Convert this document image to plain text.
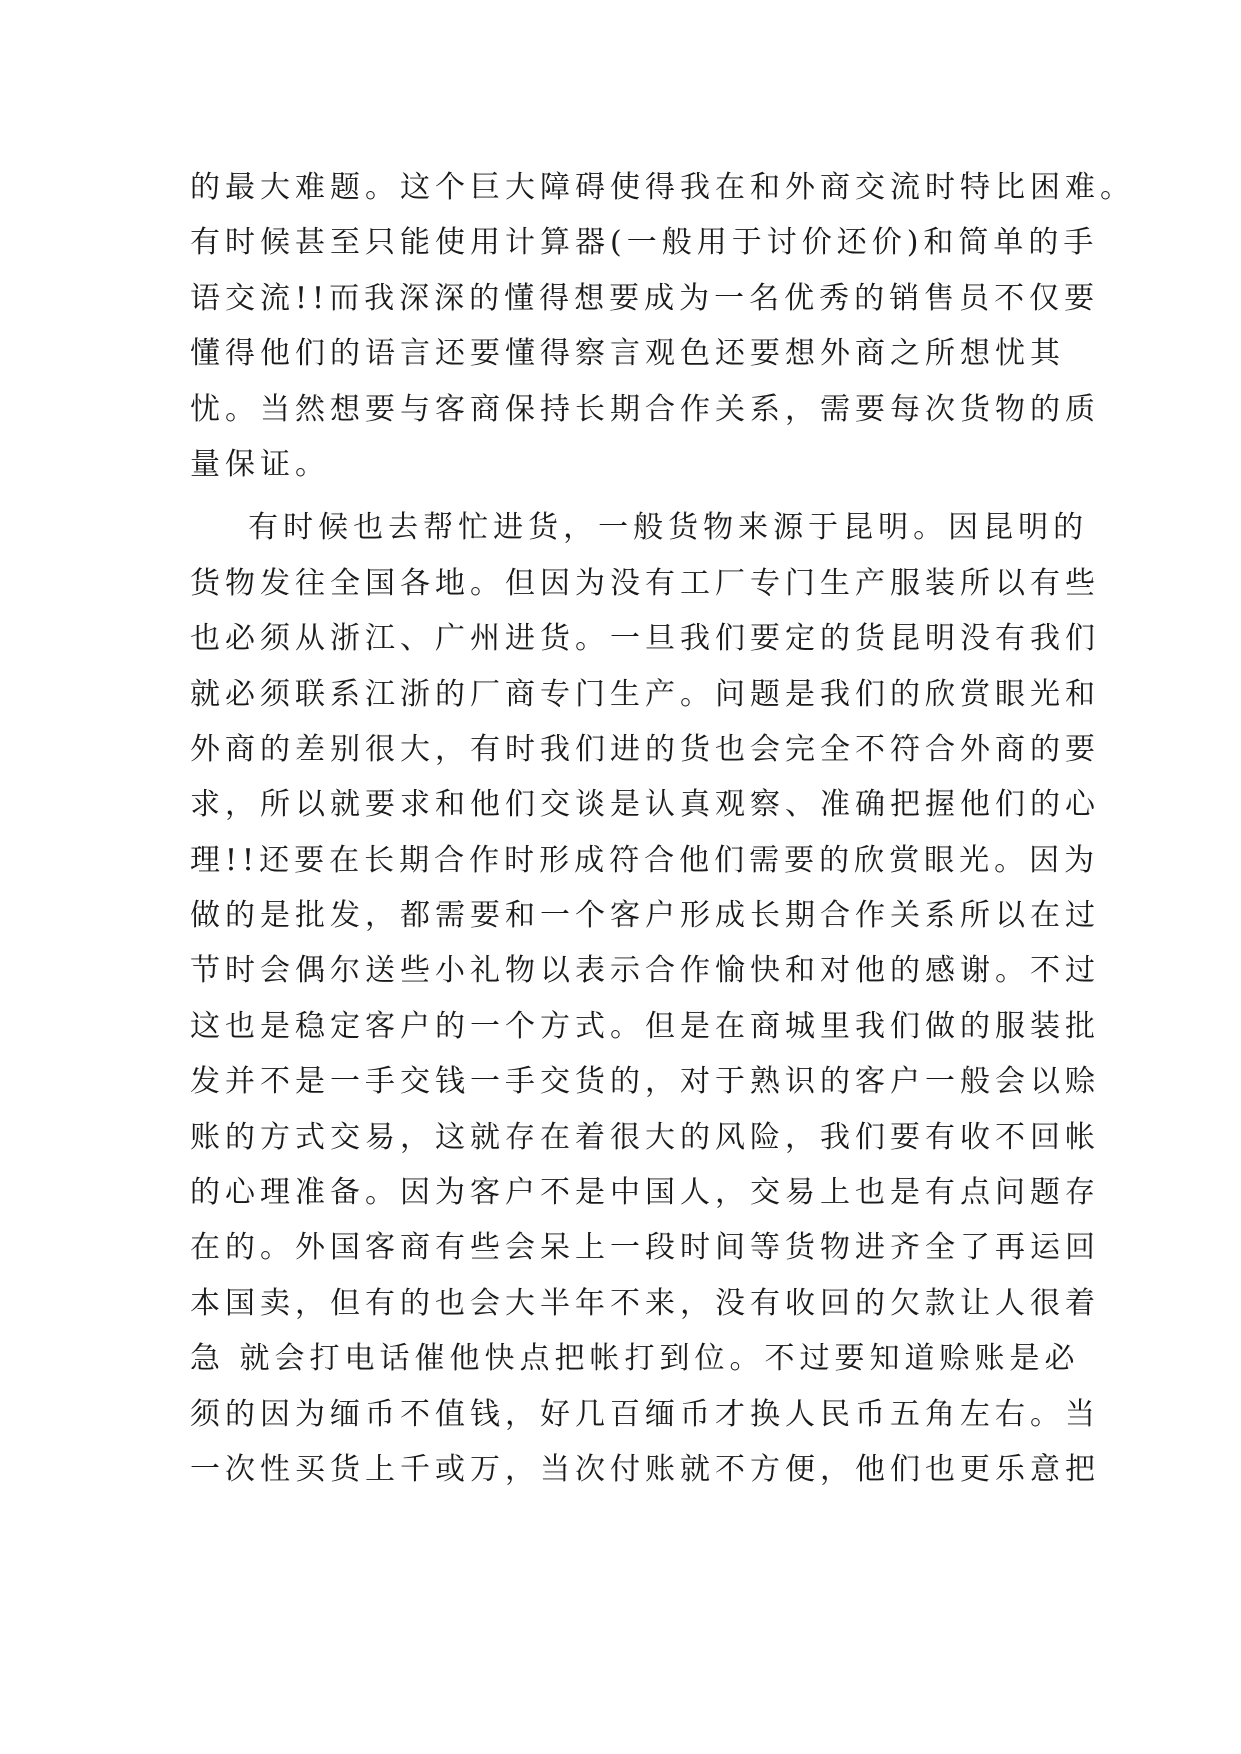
的最大难题。这个巨大障碍使得我在和外商交流时特比困难。
有时候甚至只能使用计算器(一般用于讨价还价)和简单的手
语交流!!而我深深的懂得想要成为一名优秀的销售员不仅要
懂得他们的语言还要懂得察言观色还要想外商之所想忧其
忧。当然想要与客商保持长期合作关系，需要每次货物的质
量保证。
有时候也去帮忙进货，一般货物来源于昆明。因昆明的
货物发往全国各地。但因为没有工厂专门生产服装所以有些
也必须从浙江、广州进货。一旦我们要定的货昆明没有我们
就必须联系江浙的厂商专门生产。问题是我们的欣赏眼光和
外商的差别很大，有时我们进的货也会完全不符合外商的要
求，所以就要求和他们交谈是认真观察、准确把握他们的心
理!!还要在长期合作时形成符合他们需要的欣赏眼光。因为
做的是批发，都需要和一个客户形成长期合作关系所以在过
节时会偶尔送些小礼物以表示合作愉快和对他的感谢。不过
这也是稳定客户的一个方式。但是在商城里我们做的服装批
发并不是一手交钱一手交货的，对于熟识的客户一般会以赊
账的方式交易，这就存在着很大的风险，我们要有收不回帐
的心理准备。因为客户不是中国人，交易上也是有点问题存
在的。外国客商有些会呆上一段时间等货物进齐全了再运回
本国卖，但有的也会大半年不来，没有收回的欠款让人很着
急 就会打电话催他快点把帐打到位。不过要知道赊账是必
须的因为缅币不值钱，好几百缅币才换人民币五角左右。当
一次性买货上千或万，当次付账就不方便，他们也更乐意把
